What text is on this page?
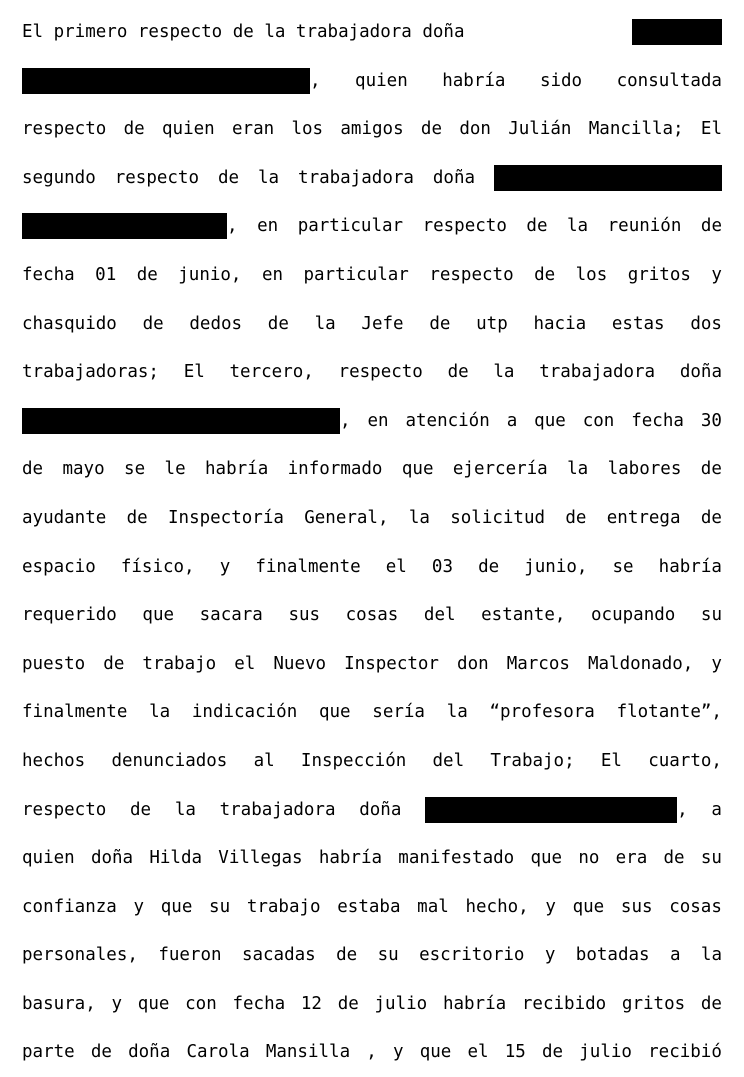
El primero respecto de la trabajadora doña
, quien habría sido consultada
respecto de quien eran los amigos de don Julián Mancilla; El
segundo respecto de la trabajadora doña
, en particular respecto de la reunión de
fecha 01 de junio, en particular respecto de los gritos y
chasquido de dedos de la Jefe de utp hacia estas dos
trabajadoras; El tercero, respecto de la trabajadora doña
, en atención a que con fecha 30
de mayo se le habría informado que ejercería la labores de
ayudante de Inspectoría General, la solicitud de entrega de
espacio físico, y finalmente el 03 de junio, se habría
requerido que sacara sus cosas del estante, ocupando su
puesto de trabajo el Nuevo Inspector don Marcos Maldonado, y
finalmente la indicación que sería la “profesora flotante”,
hechos denunciados al Inspección del Trabajo; El cuarto,
respecto de la trabajadora doña	, a
quien doña Hilda Villegas habría manifestado que no era de su
confianza y que su trabajo estaba mal hecho, y que sus cosas
personales, fueron sacadas de su escritorio y botadas a la
basura, y que con fecha 12 de julio habría recibido gritos de
parte de doña Carola Mansilla , y que el 15 de julio recibió
